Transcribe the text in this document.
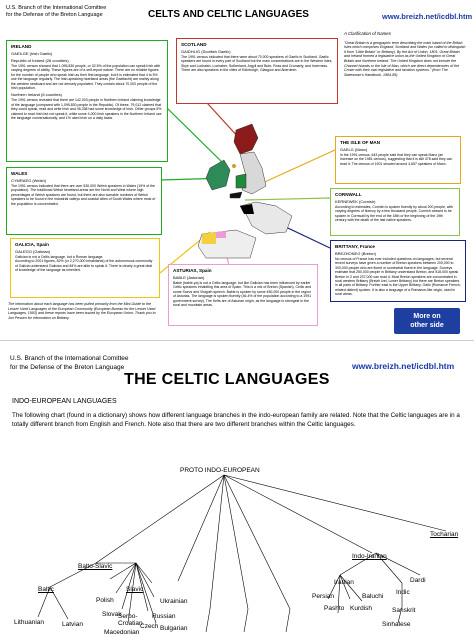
U.S. Branch of the International Comittee
for the Defense of the Breton Language	CELTS AND CELTIC LANGUAGES	www.breizh.net/icdbl.htm
A Clarification of Names
"Great Britain is a geographic term describing the main island of the British Isles which comprises England, Scotland and Wales (so called to distinguish it from "Little Britain" or Brittany). By the Act of Union, 1801, Great Britain and Ireland formed a legislative union as the United Kingdom of Great Britain and Northern Ireland. The United Kingdom does not include the Channel Islands or the Isle of Man, which are direct dependencies of the Crown with their own legislative and taxation systems." (from The Statesman's Handbook, 1984-85)
IRELAND
GAEILGE (Irish Gaelic)
Republic of Ireland (26 counties)

The 1991 census showed that 1,095,830 people, or 32.5% of the population can speak Irish with varying degrees of ability. These figures are of a self-report nature. There are no reliable figures for the number of people who speak Irish as their first language, but it is estimated that 4 to 5% use the language regularly. The Irish-speaking heartland areas (the Gaeltacht) are mainly along the western seaboard and are not densely populated. They contain about 70,000 people of the Irish population.

Northern Ireland (6 counties)

The 1991 census revealed that there are 142,003 people in Northern Ireland claiming knowledge of the language (compared with 1,095,830 people in the Republic). Of these, 79,012 claimed that they could speak, read and write Irish and 45,338 had some knowledge of Irish. Other groups 5% claimed to read Irish but not speak it, while some 4,000 Irish speakers in the Northern Ireland use the language conversationally, and 1% used Irish on a daily basis.

SCOTLAND
GAIDHLIG (Scottish Gaelic)

The 1991 census indicated that there were about 70,000 speakers of Gaelic in Scotland. Gaelic speakers are found in every part of Scotland but the main concentrations are in the Western Isles, Skye and Lochalsh, Lochaber, Sutherland, Argyll and Bute, Ross and Cromarty, and Inverness. There are also speakers in the cities of Edinburgh, Glasgow and Aberdeen.

THE ISLE OF MAN
GAELG (Manx)

In the 1991 census, 643 people said that they can speak Manx (an increase on the 1981 census), suggesting that it is still 478 said they can read it. The census of 1901 showed around 4,657 speakers of Manx.

WALES
CYMRAEG (Welsh)

The 1991 census indicated that there are over 530,000 Welsh speakers in Wales (19% of the population). The traditional Welsh heartland areas are the North and West where high percentages of Welsh speakers are found, but there are also sizeable numbers of Welsh speakers to be found in the industrial valleys and coastal cities of South Wales where most of the population is concentrated.

CORNWALL
KERNEWEK (Cornish)

According to estimates, Cornish is spoken fluently by about 200 people, with varying degrees of fluency by a few thousand people. Cornish ceased to be spoken in Cornwall by the end of the 18th or the beginning of the 19th century with the death of the last native speakers.

GALICIA, Spain
GALEGO (Galician)

Galician is not a Celtic language, but a Roman language.

According to 2001 figures, 82% (or 2,270,000 inhabitants) of the autonomous community of Galicia understand Galician and 84% are able to speak it. There is clearly a great deal of knowledge of the language as inherited.

BRITTANY, France
BREZHONEG (Breton)

No census of France has ever included questions on languages, but several recent surveys have given a number of Breton speakers between 200,000 to 300,000 people who are fluent or somewhat fluent in the language. Surveys estimate that 250,000 people in Brittany understand Breton, and 518,000 speak Breton in 2 and 237,000 can read it. Most Breton speakers are concentrated in rural western Brittany (Breizh Izel, Lower Brittany) but there are Breton speakers in all parts of Brittany. Further east is the Upper Brittany, Gallo (Romance French-related dialect) spoken. It is also a language of a Romance-like origin, used in rural areas.

ASTURIAS, Spain
BABLE (Asturian)

Bable (bable-ya) is not a Celtic language, but like Galician has been influenced by earlier Celtic speakers inhabiting this area of Spain. This is a mix of Breton (Spanish), Celtic and some Suevs and Visigoth speech. Bable is spoken by some 450,000 people in the region of Asturias. The language is spoken fluently (46.4% of the population according to a 1991 government survey). The Kelts are of Asturian origin, as the language is strongest in the rural and mountain areas.

The information about each language has been pulled primarily from the Mini-Guide to the Lesser Used Languages of the European Community (European Bureau for the Lesser Used Languages, 1993) and these reports have been issued by the European Union. Thank you to Jon Pessen for information on Brittany.	More on
other side
U.S. Branch of the International Comittee
for the Defense of the Breton Language	www.breizh.net/icdbl.htm
THE CELTIC LANGUAGES
INDO-EUROPEAN LANGUAGES
The following chart (found in a dictionary) shows how different language branches in the indo-european family are related. Note that the Celtic languages are in a totally different branch from English and French. Note also that there are two different branches within the Celtic languages.
PROTO INDO-EUROPEAN
Balto-Slavic
Baltic	Slavic
Lithuanian	Latvian
Polish
Slovak
Serbo-
Croatian
Ukrainian
Russian
Czech
Indo-Iranian
Iranian	Dardi
Indic
Persian	Baluchi
Pashto Kurdish	Sanskrit
Sinhalese
Tocharian
Macedonian
Bulgarian
